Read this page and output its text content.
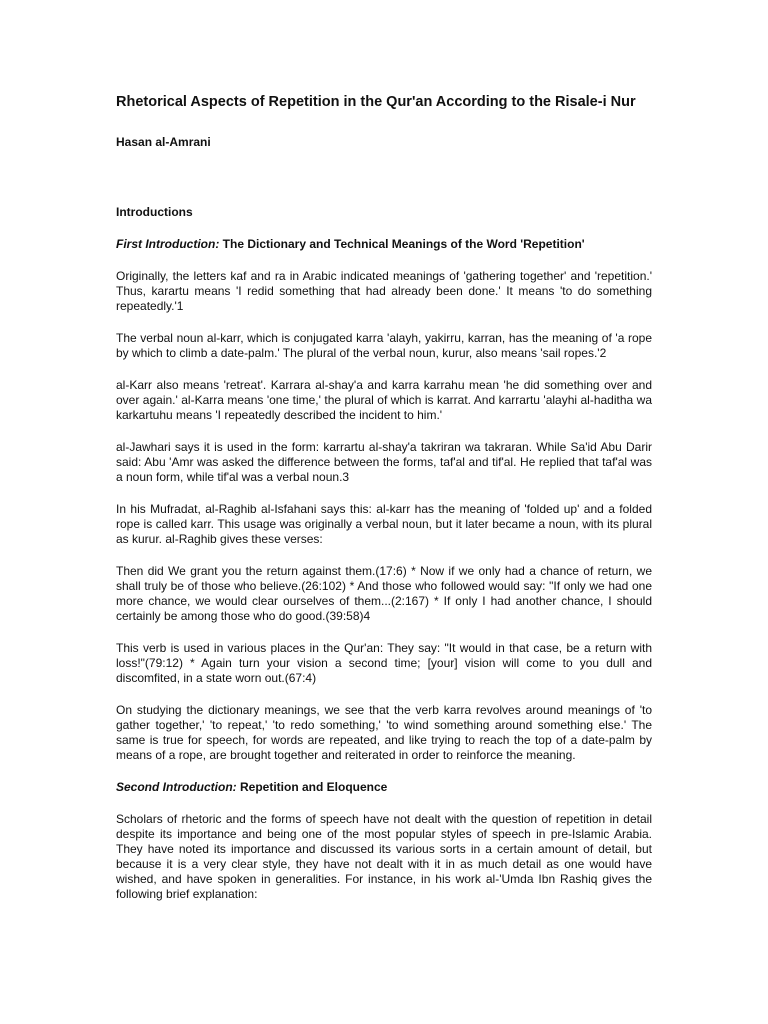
Rhetorical Aspects of Repetition in the Qur'an According to the Risale-i Nur
Hasan al-Amrani
Introductions
First Introduction: The Dictionary and Technical Meanings of the Word 'Repetition'

Originally, the letters kaf and ra in Arabic indicated meanings of 'gathering together' and 'repetition.' Thus, karartu means 'I redid something that had already been done.' It means 'to do something repeatedly.'1

The verbal noun al-karr, which is conjugated karra 'alayh, yakirru, karran, has the meaning of 'a rope by which to climb a date-palm.' The plural of the verbal noun, kurur, also means 'sail ropes.'2

al-Karr also means 'retreat'. Karrara al-shay'a and karra karrahu mean 'he did something over and over again.' al-Karra means 'one time,' the plural of which is karrat. And karrartu 'alayhi al-haditha wa karkartuhu means 'I repeatedly described the incident to him.'

al-Jawhari says it is used in the form: karrartu al-shay'a takriran wa takraran. While Sa'id Abu Darir said: Abu 'Amr was asked the difference between the forms, taf'al and tif'al. He replied that taf'al was a noun form, while tif'al was a verbal noun.3

In his Mufradat, al-Raghib al-Isfahani says this: al-karr has the meaning of 'folded up' and a folded rope is called karr. This usage was originally a verbal noun, but it later became a noun, with its plural as kurur. al-Raghib gives these verses:

Then did We grant you the return against them.(17:6) * Now if we only had a chance of return, we shall truly be of those who believe.(26:102) * And those who followed would say: "If only we had one more chance, we would clear ourselves of them...(2:167) * If only I had another chance, I should certainly be among those who do good.(39:58)4

This verb is used in various places in the Qur'an: They say: "It would in that case, be a return with loss!"(79:12) * Again turn your vision a second time; [your] vision will come to you dull and discomfited, in a state worn out.(67:4)

On studying the dictionary meanings, we see that the verb karra revolves around meanings of 'to gather together,' 'to repeat,' 'to redo something,' 'to wind something around something else.' The same is true for speech, for words are repeated, and like trying to reach the top of a date-palm by means of a rope, are brought together and reiterated in order to reinforce the meaning.

Second Introduction: Repetition and Eloquence

Scholars of rhetoric and the forms of speech have not dealt with the question of repetition in detail despite its importance and being one of the most popular styles of speech in pre-Islamic Arabia. They have noted its importance and discussed its various sorts in a certain amount of detail, but because it is a very clear style, they have not dealt with it in as much detail as one would have wished, and have spoken in generalities. For instance, in his work al-'Umda Ibn Rashiq gives the following brief explanation:
